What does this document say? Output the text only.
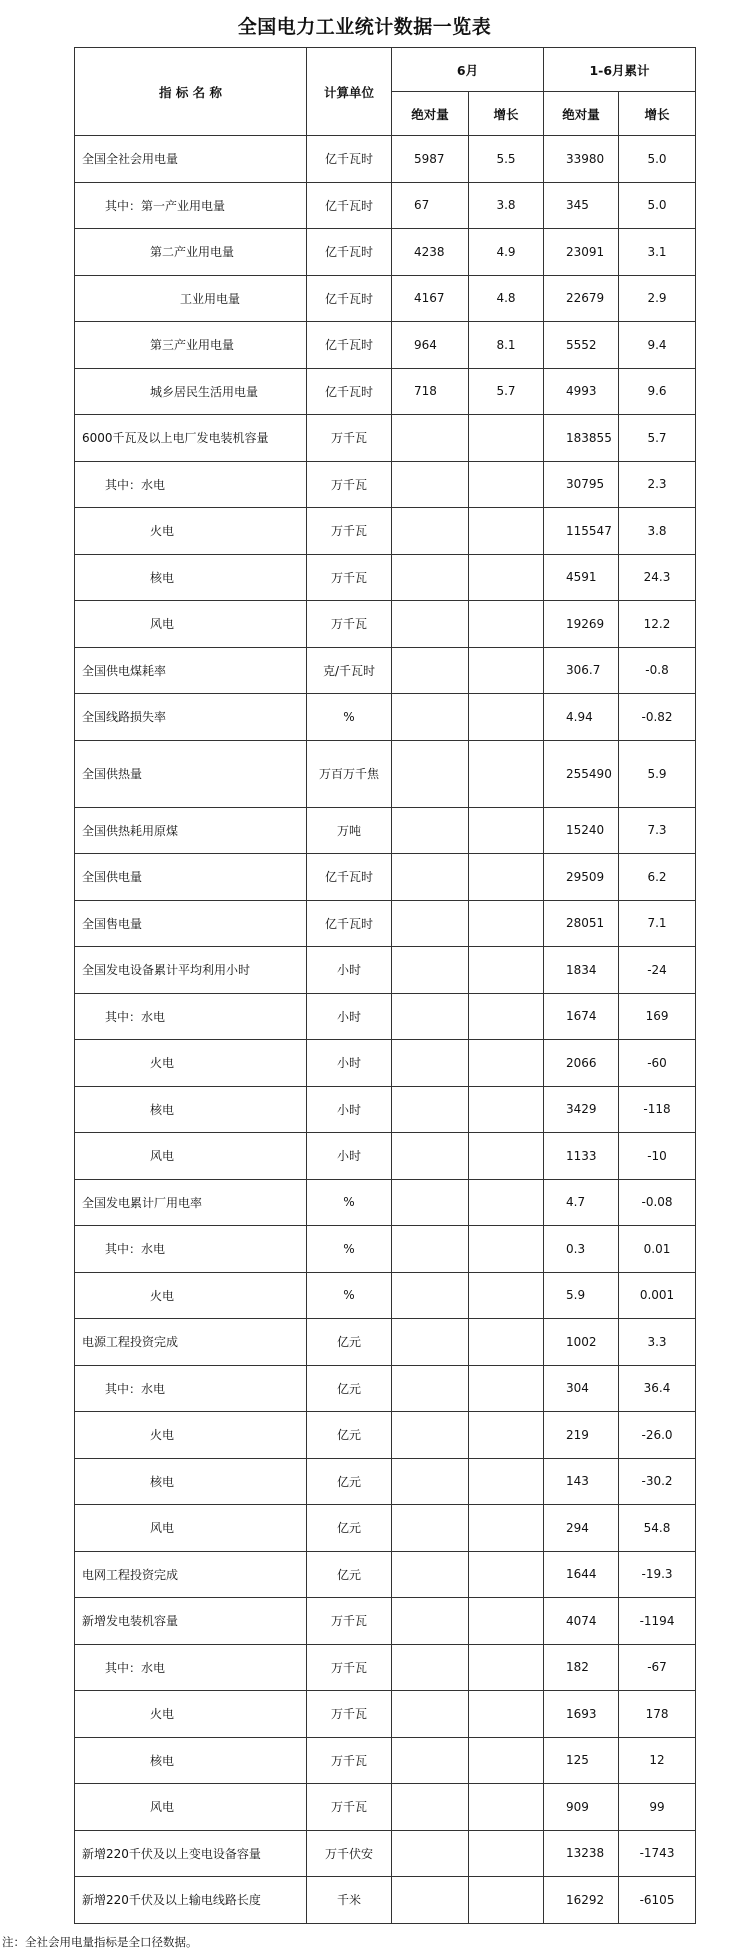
全国电力工业统计数据一览表
指 标 名 称	计算单位	6月		1-6月累计	
		绝对量	增长	绝对量	增长
全国全社会用电量	亿千瓦时	5987	5.5	33980	5.0
其中：第一产业用电量	亿千瓦时	67	3.8	345	5.0
第二产业用电量	亿千瓦时	4238	4.9	23091	3.1
工业用电量	亿千瓦时	4167	4.8	22679	2.9
第三产业用电量	亿千瓦时	964	8.1	5552	9.4
城乡居民生活用电量	亿千瓦时	718	5.7	4993	9.6
6000千瓦及以上电厂发电装机容量	万千瓦			183855	5.7
其中：水电	万千瓦			30795	2.3
火电	万千瓦			115547	3.8
核电	万千瓦			4591	24.3
风电	万千瓦			19269	12.2
全国供电煤耗率	克/千瓦时			306.7	-0.8
全国线路损失率	%			4.94	-0.82
全国供热量	万百万千焦			255490	5.9
全国供热耗用原煤	万吨			15240	7.3
全国供电量	亿千瓦时			29509	6.2
全国售电量	亿千瓦时			28051	7.1
全国发电设备累计平均利用小时	小时			1834	-24
其中：水电	小时			1674	169
火电	小时			2066	-60
核电	小时			3429	-118
风电	小时			1133	-10
全国发电累计厂用电率	%			4.7	-0.08
其中：水电	%			0.3	0.01
火电	%			5.9	0.001
电源工程投资完成	亿元			1002	3.3
其中：水电	亿元			304	36.4
火电	亿元			219	-26.0
核电	亿元			143	-30.2
风电	亿元			294	54.8
电网工程投资完成	亿元			1644	-19.3
新增发电装机容量	万千瓦			4074	-1194
其中：水电	万千瓦			182	-67
火电	万千瓦			1693	178
核电	万千瓦			125	12
风电	万千瓦			909	99
新增220千伏及以上变电设备容量	万千伏安			13238	-1743
新增220千伏及以上输电线路长度	千米			16292	-6105
注：全社会用电量指标是全口径数据。
